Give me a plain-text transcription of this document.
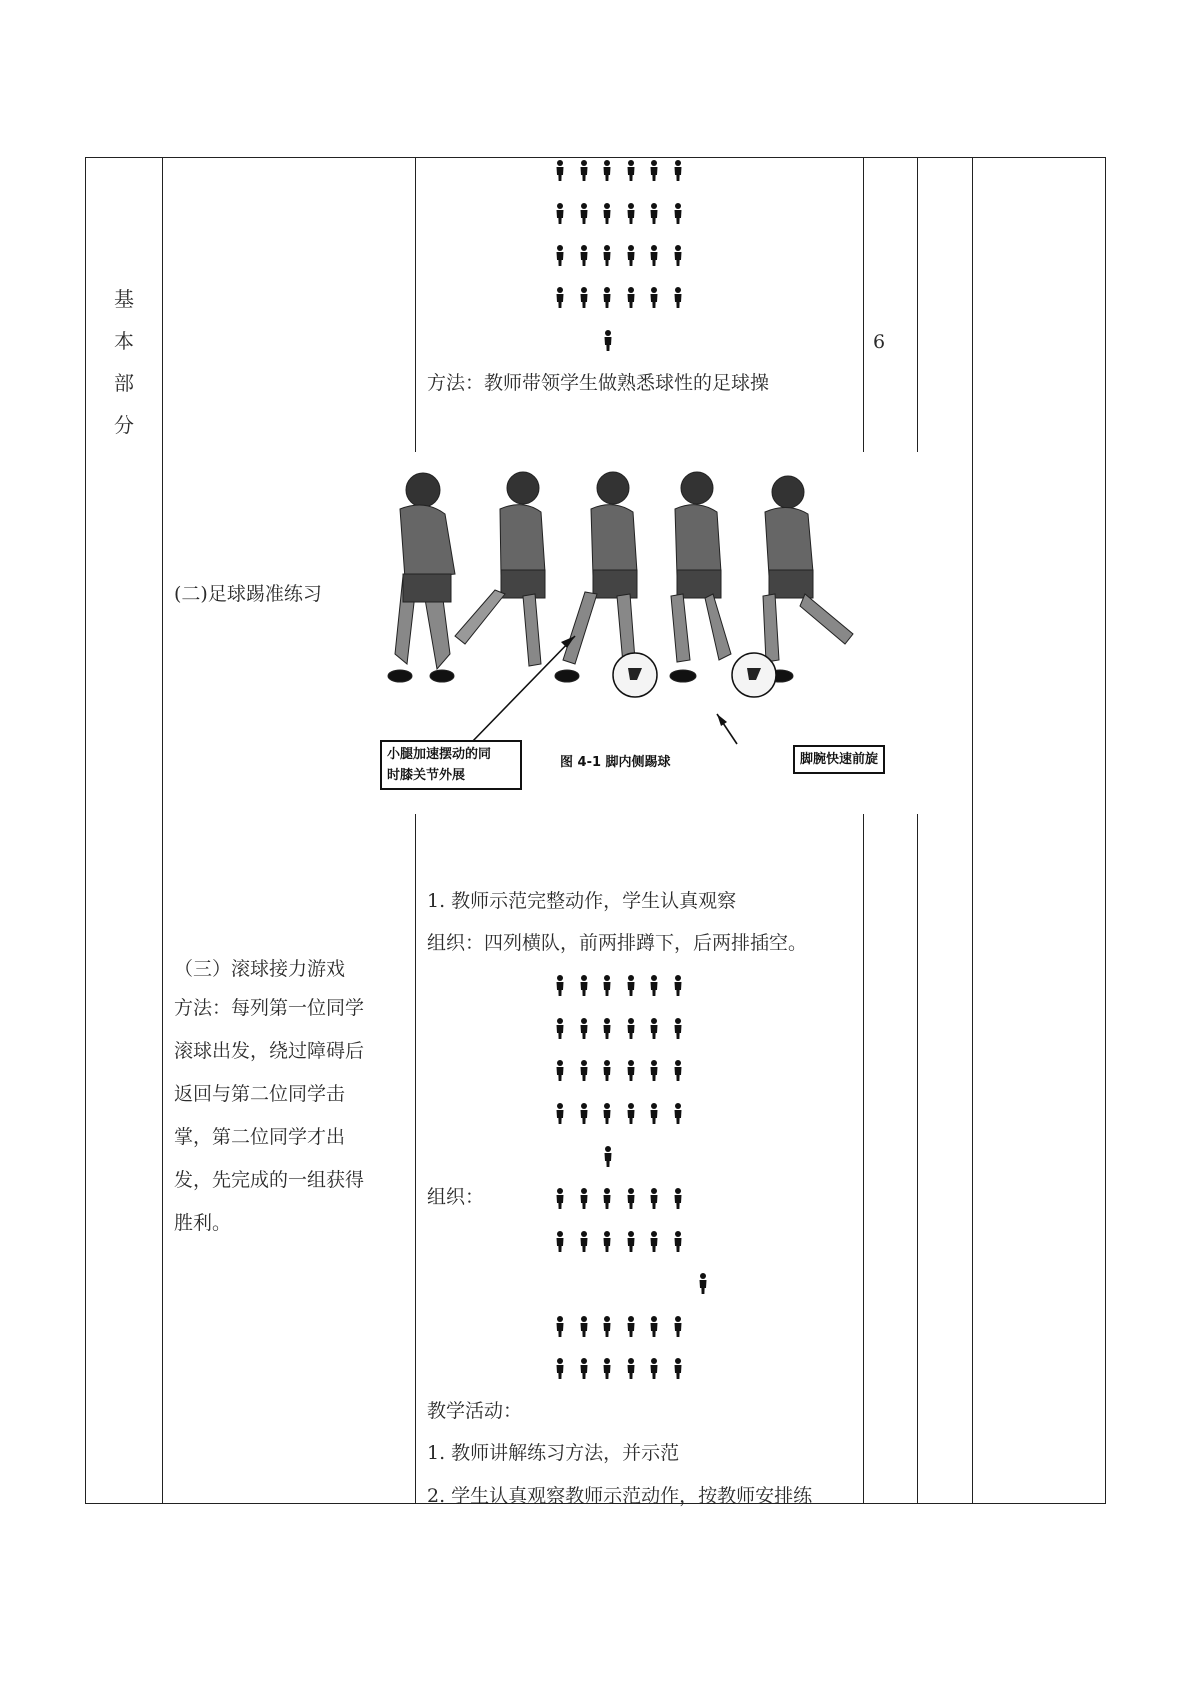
基
本
部
分
方法：教师带领学生做熟悉球性的足球操
6
(二)足球踢准练习
小腿加速摆动的同
时膝关节外展
图 4-1 脚内侧踢球	脚腕快速前旋
1. 教师示范完整动作，学生认真观察
组织：四列横队，前两排蹲下，后两排插空。
（三）滚球接力游戏
方法：每列第一位同学
滚球出发，绕过障碍后
返回与第二位同学击
掌，第二位同学才出
发，先完成的一组获得
胜利。
组织：
教学活动：
1. 教师讲解练习方法，并示范
2. 学生认真观察教师示范动作，按教师安排练
